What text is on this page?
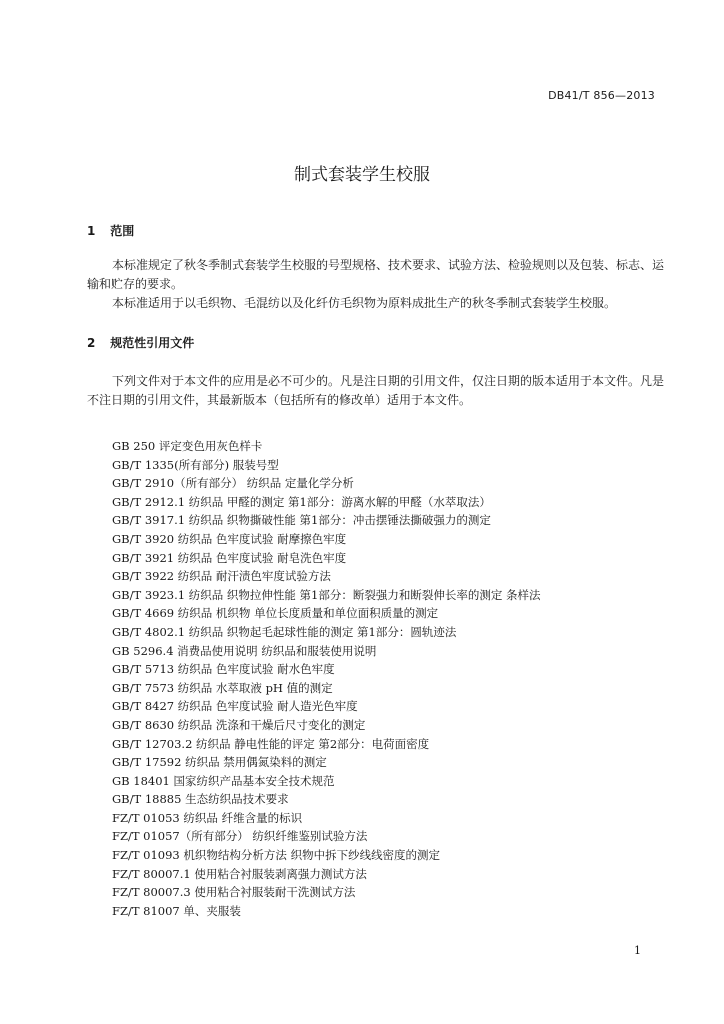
DB41/T 856—2013
制式套装学生校服
1 范围

本标准规定了秋冬季制式套装学生校服的号型规格、技术要求、试验方法、检验规则以及包装、标志、运输和贮存的要求。

本标准适用于以毛织物、毛混纺以及化纤仿毛织物为原料成批生产的秋冬季制式套装学生校服。

2 规范性引用文件

下列文件对于本文件的应用是必不可少的。凡是注日期的引用文件，仅注日期的版本适用于本文件。凡是不注日期的引用文件，其最新版本（包括所有的修改单）适用于本文件。

GB 250 评定变色用灰色样卡
GB/T 1335(所有部分) 服装号型
GB/T 2910（所有部分） 纺织品 定量化学分析
GB/T 2912.1 纺织品 甲醛的测定 第1部分：游离水解的甲醛（水萃取法）
GB/T 3917.1 纺织品 织物撕破性能 第1部分：冲击摆锤法撕破强力的测定
GB/T 3920 纺织品 色牢度试验 耐摩擦色牢度
GB/T 3921 纺织品 色牢度试验 耐皂洗色牢度
GB/T 3922 纺织品 耐汗渍色牢度试验方法
GB/T 3923.1 纺织品 织物拉伸性能 第1部分：断裂强力和断裂伸长率的测定 条样法
GB/T 4669 纺织品 机织物 单位长度质量和单位面积质量的测定
GB/T 4802.1 纺织品 织物起毛起球性能的测定 第1部分：圆轨迹法
GB 5296.4 消费品使用说明 纺织品和服装使用说明
GB/T 5713 纺织品 色牢度试验 耐水色牢度
GB/T 7573 纺织品 水萃取液 pH 值的测定
GB/T 8427 纺织品 色牢度试验 耐人造光色牢度
GB/T 8630 纺织品 洗涤和干燥后尺寸变化的测定
GB/T 12703.2 纺织品 静电性能的评定 第2部分：电荷面密度
GB/T 17592 纺织品 禁用偶氮染料的测定
GB 18401 国家纺织产品基本安全技术规范
GB/T 18885 生态纺织品技术要求
FZ/T 01053 纺织品 纤维含量的标识
FZ/T 01057（所有部分） 纺织纤维鉴别试验方法
FZ/T 01093 机织物结构分析方法 织物中拆下纱线线密度的测定
FZ/T 80007.1 使用粘合衬服装剥离强力测试方法
FZ/T 80007.3 使用粘合衬服装耐干洗测试方法
FZ/T 81007 单、夹服装
1
